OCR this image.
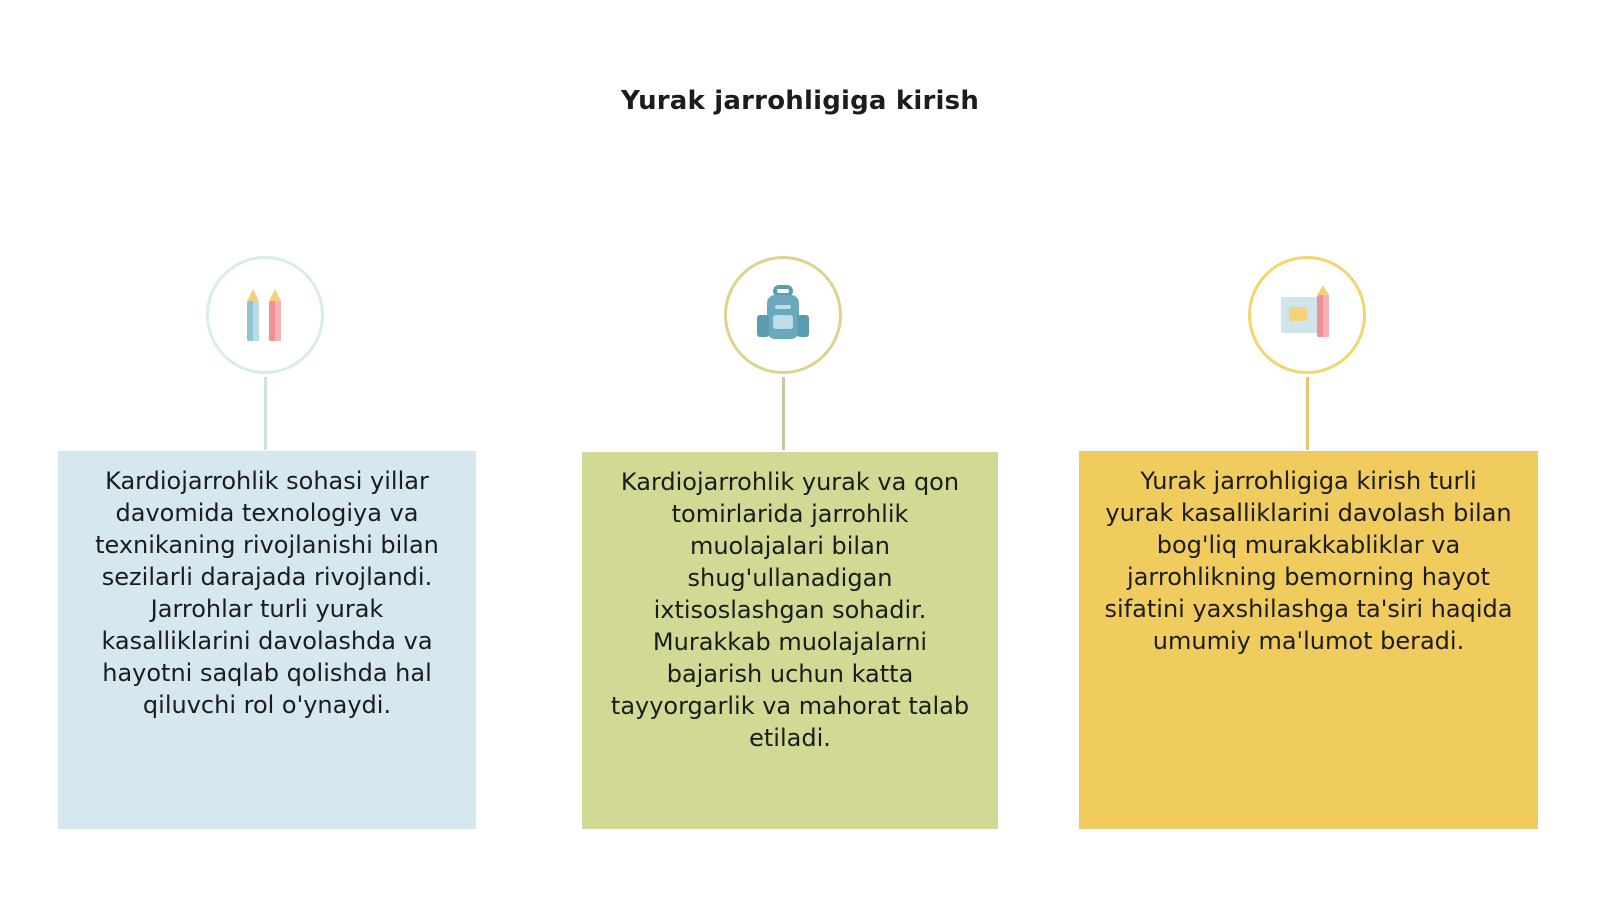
Yurak jarrohligiga kirish
Kardiojarrohlik sohasi yillar davomida texnologiya va texnikaning rivojlanishi bilan sezilarli darajada rivojlandi. Jarrohlar turli yurak kasalliklarini davolashda va hayotni saqlab qolishda hal qiluvchi rol o'ynaydi.
Kardiojarrohlik yurak va qon tomirlarida jarrohlik muolajalari bilan shug'ullanadigan ixtisoslashgan sohadir. Murakkab muolajalarni bajarish uchun katta tayyorgarlik va mahorat talab etiladi.
Yurak jarrohligiga kirish turli yurak kasalliklarini davolash bilan bog'liq murakkabliklar va jarrohlikning bemorning hayot sifatini yaxshilashga ta'siri haqida umumiy ma'lumot beradi.
